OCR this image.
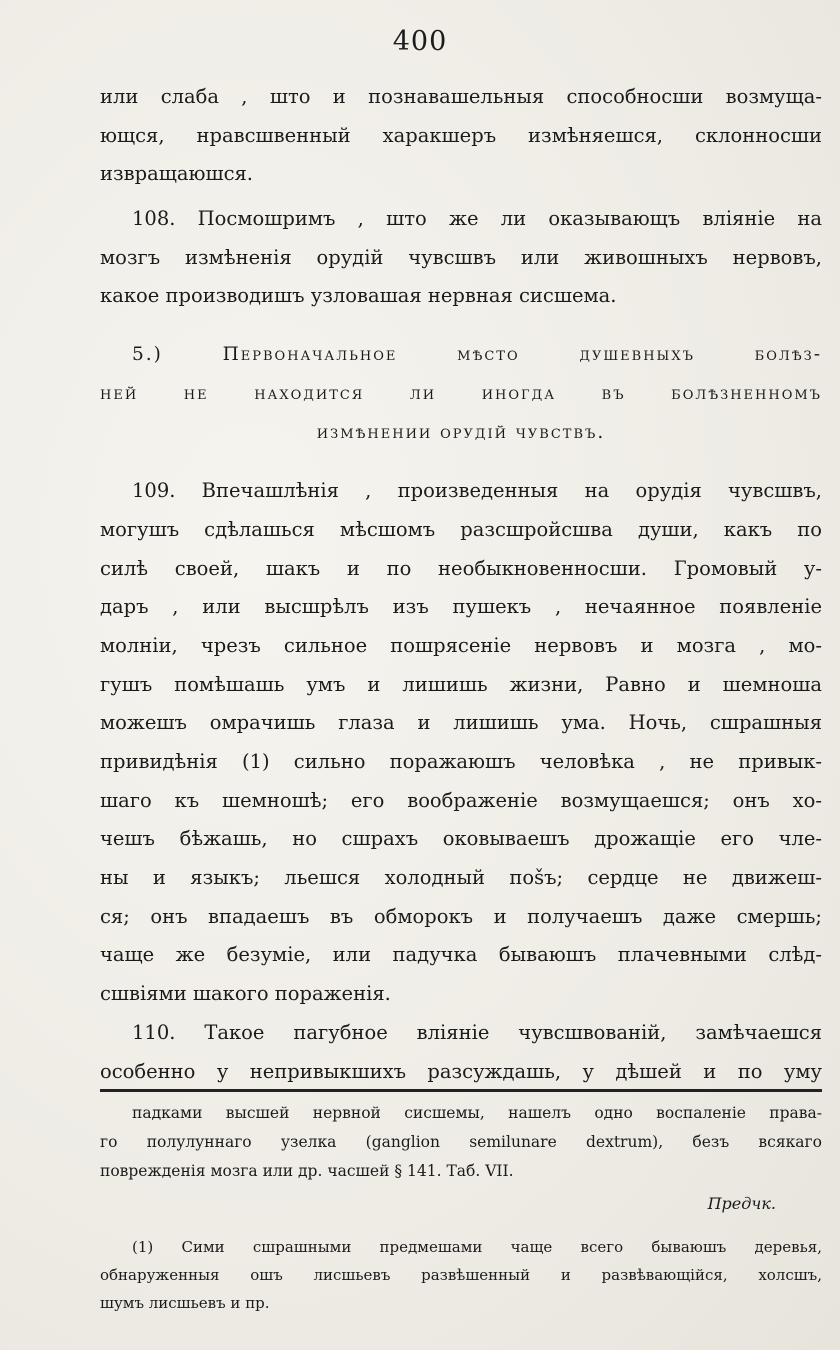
400
или слаба , што и познавашельныя способносши возмуща-
ющся, нравсшвенный харакшеръ измѣняешся, склонносши
извращаюшся.
108. Посмошримъ , што же ли оказывающъ вліяніе на
мозгъ измѣненія орудій чувсшвъ или живошныхъ нервовъ,
какое производишъ узловашая нервная сисшема.
5.) Первоначальное мѣсто душевныхъ болѣз-
ней не находится ли иногда въ болѣзненномъ
измѣнении орудій чувствъ.
109. Впечашлѣнія , произведенныя на орудія чувсшвъ,
могушъ сдѣлашься мѣсшомъ разсшройсшва души, какъ по
силѣ своей, шакъ и по необыкновенносши. Громовый у-
даръ , или высшрѣлъ изъ пушекъ , нечаянное появленіе
молніи, чрезъ сильное пошрясеніе нервовъ и мозга , мо-
гушъ помѣшашь умъ и лишишь жизни, Равно и шемноша
можешъ омрачишь глаза и лишишь ума. Ночь, сшрашныя
привидѣнія (1) сильно поражаюшъ человѣка , не привык-
шаго къ шемношѣ; его воображеніе возмущаешся; онъ хо-
чешъ бѣжашь, но сшрахъ оковываешъ дрожащіе его чле-
ны и языкъ; льешся холодный поšъ; сердце не движеш-
ся; онъ впадаешъ въ обморокъ и получаешъ даже смершь;
чаще же безуміе, или падучка бываюшъ плачевными слѣд-
сшвіями шакого пораженія.
110. Такое пагубное вліяніе чувсшвованій, замѣчаешся
особенно у непривыкшихъ разсуждашь, у дѣшей и по уму
падками высшей нервной сисшемы, нашелъ одно воспаленіе права-
го полулуннаго узелка (ganglion semilunare dextrum), безъ всякаго
поврежденія мозга или др. часшей § 141. Таб. VII.
Предчк.
(1) Сими сшрашными предмешами чаще всего бываюшъ деревья,
обнаруженныя ошъ лисшьевъ развѣшенный и развѣвающійся, холсшъ,
шумъ лисшьевъ и пр.
